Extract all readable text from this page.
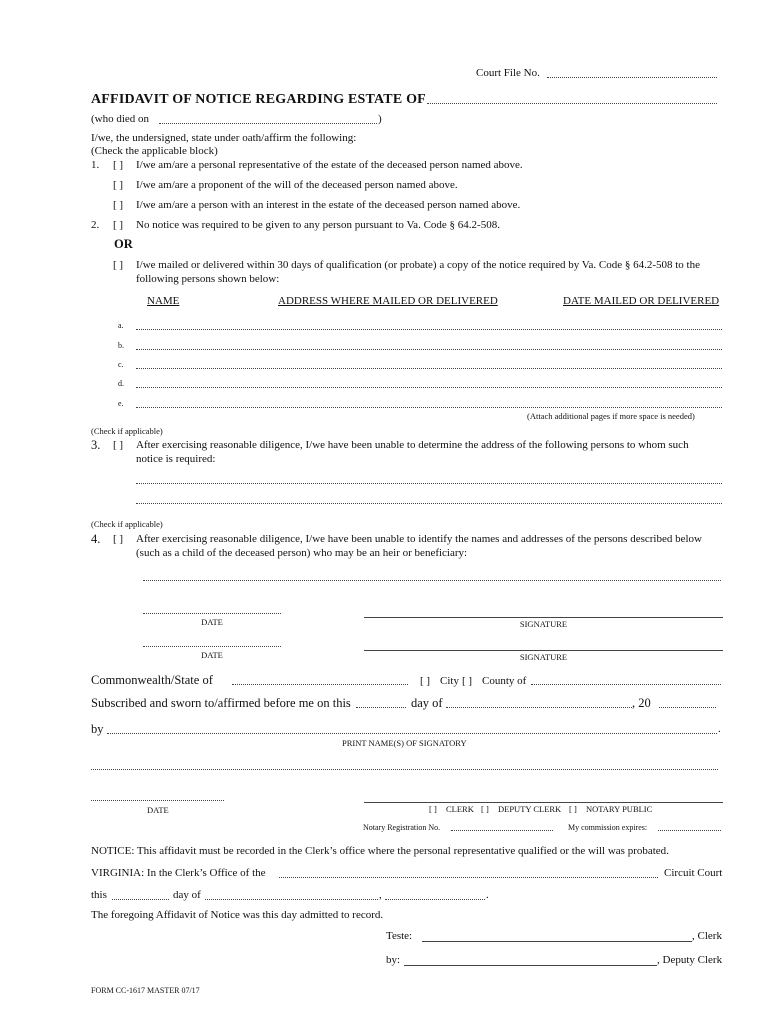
Court File No.
AFFIDAVIT OF NOTICE REGARDING ESTATE OF
(who died on	)
I/we, the undersigned, state under oath/affirm the following:
(Check the applicable block)
1. [ ] I/we am/are a personal representative of the estate of the deceased person named above.
[ ] I/we am/are a proponent of the will of the deceased person named above.
[ ] I/we am/are a person with an interest in the estate of the deceased person named above.
2. [ ] No notice was required to be given to any person pursuant to Va. Code § 64.2-508.
OR
[ ] I/we mailed or delivered within 30 days of qualification (or probate) a copy of the notice required by Va. Code § 64.2-508 to the
following persons shown below:
NAME	ADDRESS WHERE MAILED OR DELIVERED	DATE MAILED OR DELIVERED
a.
b.
c.
d.
e.
(Attach additional pages if more space is needed)
(Check if applicable)
3. [ ] After exercising reasonable diligence, I/we have been unable to determine the address of the following persons to whom such
notice is required:
(Check if applicable)
4. [ ] After exercising reasonable diligence, I/we have been unable to identify the names and addresses of the persons described below
(such as a child of the deceased person) who may be an heir or beneficiary:
DATE	SIGNATURE
DATE	SIGNATURE
Commonwealth/State of	[ ] City [ ] County of
Subscribed and sworn to/affirmed before me on this	day of	, 20
by	.
PRINT NAME(S) OF SIGNATORY
DATE	[ ] CLERK [ ] DEPUTY CLERK [ ] NOTARY PUBLIC
Notary Registration No.	My commission expires:
NOTICE: This affidavit must be recorded in the Clerk’s office where the personal representative qualified or the will was probated.
VIRGINIA: In the Clerk’s Office of the	Circuit Court
this	day of	,	.
The foregoing Affidavit of Notice was this day admitted to record.
Teste:	, Clerk
by:	, Deputy Clerk
FORM CC-1617 MASTER 07/17
